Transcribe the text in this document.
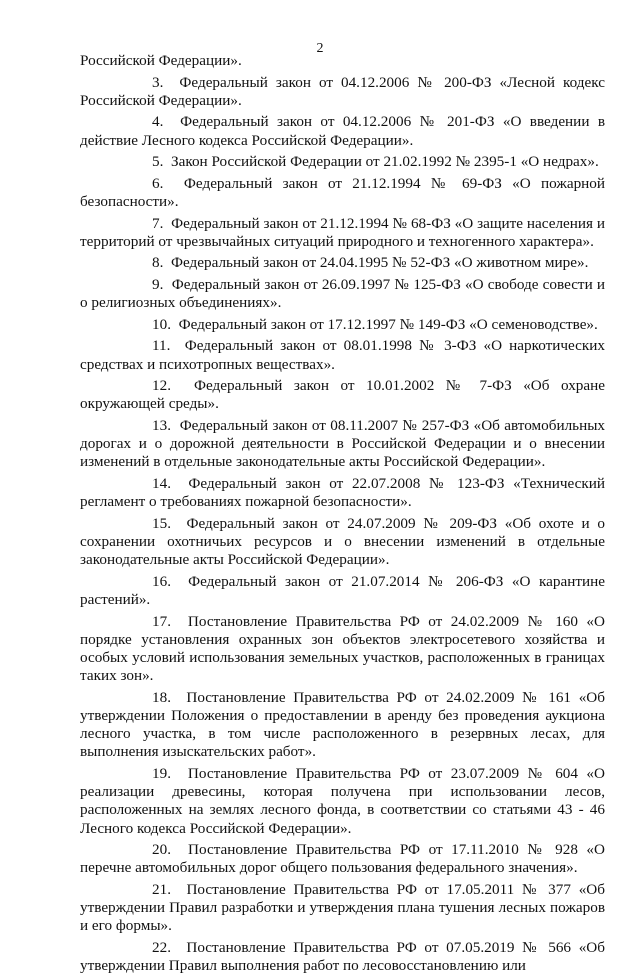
2

Российской Федерации».

3. Федеральный закон от 04.12.2006 № 200-ФЗ «Лесной кодекс Российской Федерации».

4. Федеральный закон от 04.12.2006 № 201-ФЗ «О введении в действие Лесного кодекса Российской Федерации».

5. Закон Российской Федерации от 21.02.1992 № 2395-1 «О недрах».

6. Федеральный закон от 21.12.1994 № 69-ФЗ «О пожарной безопасности».

7. Федеральный закон от 21.12.1994 № 68-ФЗ «О защите населения и территорий от чрезвычайных ситуаций природного и техногенного характера».

8. Федеральный закон от 24.04.1995 № 52-ФЗ «О животном мире».

9. Федеральный закон от 26.09.1997 № 125-ФЗ «О свободе совести и о религиозных объединениях».

10. Федеральный закон от 17.12.1997 № 149-ФЗ «О семеноводстве».

11. Федеральный закон от 08.01.1998 № 3-ФЗ «О наркотических средствах и психотропных веществах».

12. Федеральный закон от 10.01.2002 № 7-ФЗ «Об охране окружающей среды».

13. Федеральный закон от 08.11.2007 № 257-ФЗ «Об автомобильных дорогах и о дорожной деятельности в Российской Федерации и о внесении изменений в отдельные законодательные акты Российской Федерации».

14. Федеральный закон от 22.07.2008 № 123-ФЗ «Технический регламент о требованиях пожарной безопасности».

15. Федеральный закон от 24.07.2009 № 209-ФЗ «Об охоте и о сохранении охотничьих ресурсов и о внесении изменений в отдельные законодательные акты Российской Федерации».

16. Федеральный закон от 21.07.2014 № 206-ФЗ «О карантине растений».

17. Постановление Правительства РФ от 24.02.2009 № 160 «О порядке установления охранных зон объектов электросетевого хозяйства и особых условий использования земельных участков, расположенных в границах таких зон».

18. Постановление Правительства РФ от 24.02.2009 № 161 «Об утверждении Положения о предоставлении в аренду без проведения аукциона лесного участка, в том числе расположенного в резервных лесах, для выполнения изыскательских работ».

19. Постановление Правительства РФ от 23.07.2009 № 604 «О реализации древесины, которая получена при использовании лесов, расположенных на землях лесного фонда, в соответствии со статьями 43 - 46 Лесного кодекса Российской Федерации».

20. Постановление Правительства РФ от 17.11.2010 № 928 «О перечне автомобильных дорог общего пользования федерального значения».

21. Постановление Правительства РФ от 17.05.2011 № 377 «Об утверждении Правил разработки и утверждения плана тушения лесных пожаров и его формы».

22. Постановление Правительства РФ от 07.05.2019 № 566 «Об утверждении Правил выполнения работ по лесовосстановлению или
